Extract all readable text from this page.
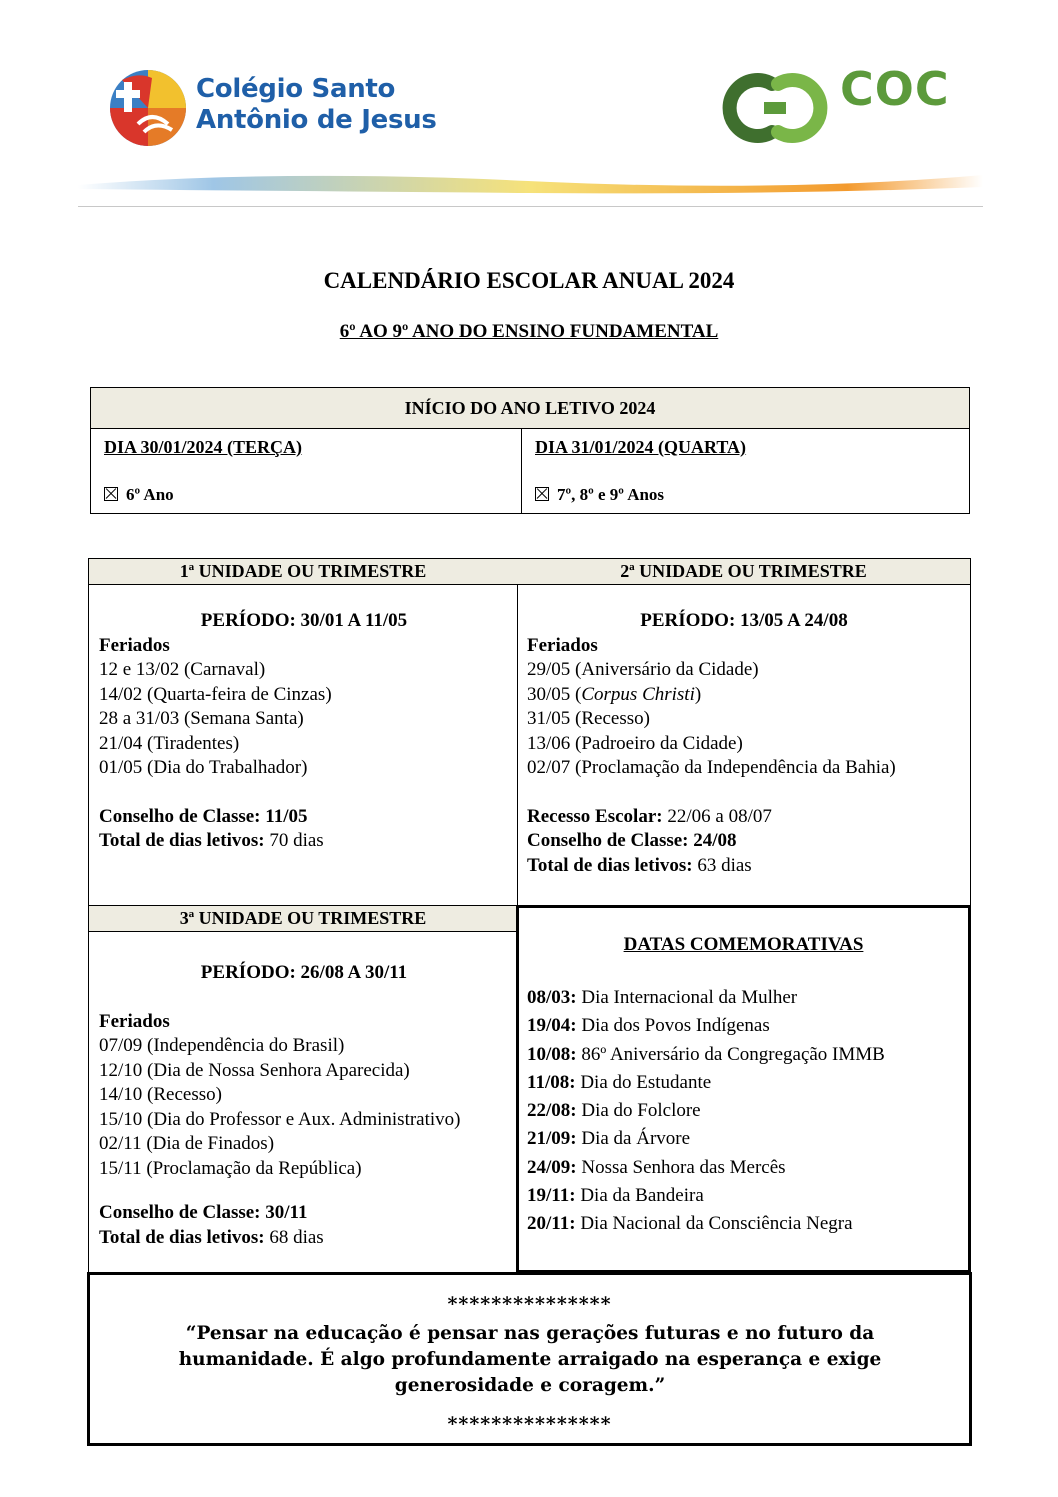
Colégio Santo
Antônio de Jesus
COC
CALENDÁRIO ESCOLAR ANUAL 2024
6º AO 9º ANO DO ENSINO FUNDAMENTAL
INÍCIO DO ANO LETIVO 2024
DIA 30/01/2024 (TERÇA)
6º Ano
DIA 31/01/2024 (QUARTA)
7º, 8º e 9º Anos
1ª UNIDADE OU TRIMESTRE
PERÍODO: 30/01 A 11/05
Feriados
12 e 13/02 (Carnaval)
14/02 (Quarta-feira de Cinzas)
28 a 31/03 (Semana Santa)
21/04 (Tiradentes)
01/05 (Dia do Trabalhador)
Conselho de Classe: 11/05
Total de dias letivos: 70 dias
2ª UNIDADE OU TRIMESTRE
PERÍODO: 13/05 A 24/08
Feriados
29/05 (Aniversário da Cidade)
30/05 (Corpus Christi)
31/05 (Recesso)
13/06 (Padroeiro da Cidade)
02/07 (Proclamação da Independência da Bahia)
Recesso Escolar: 22/06 a 08/07
Conselho de Classe: 24/08
Total de dias letivos: 63 dias
3ª UNIDADE OU TRIMESTRE
PERÍODO: 26/08 A 30/11
Feriados
07/09 (Independência do Brasil)
12/10 (Dia de Nossa Senhora Aparecida)
14/10 (Recesso)
15/10 (Dia do Professor e Aux. Administrativo)
02/11 (Dia de Finados)
15/11 (Proclamação da República)
Conselho de Classe: 30/11
Total de dias letivos: 68 dias
DATAS COMEMORATIVAS
08/03: Dia Internacional da Mulher
19/04: Dia dos Povos Indígenas
10/08: 86º Aniversário da Congregação IMMB
11/08: Dia do Estudante
22/08: Dia do Folclore
21/09: Dia da Árvore
24/09: Nossa Senhora das Mercês
19/11: Dia da Bandeira
20/11: Dia Nacional da Consciência Negra
***************
“Pensar na educação é pensar nas gerações futuras e no futuro da humanidade. É algo profundamente arraigado na esperança e exige generosidade e coragem.”
***************
